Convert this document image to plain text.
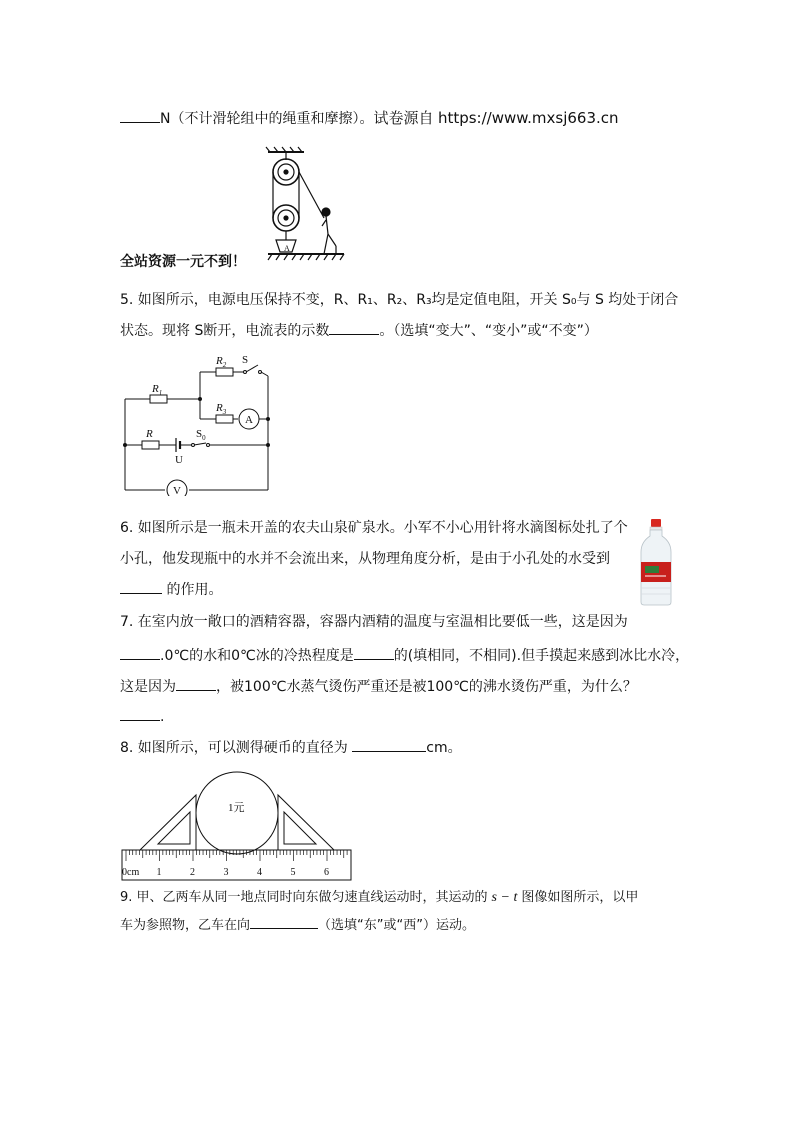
N（不计滑轮组中的绳重和摩擦）。试卷源自 https://www.mxsj663.cn
A
全站资源一元不到！
5. 如图所示，电源电压保持不变，R、R₁、R₂、R₃均是定值电阻，开关 S₀与 S 均处于闭合
状态。现将 S断开，电流表的示数	。（选填“变大”、“变小”或“不变”）
$R_1$
$R_2$ S
$R_3$
A
R	$S_0$
U
V
6. 如图所示是一瓶未开盖的农夫山泉矿泉水。小军不小心用针将水滴图标处扎了个
小孔，他发现瓶中的水并不会流出来，从物理角度分析，是由于小孔处的水受到
的作用。
7. 在室内放一敞口的酒精容器，容器内酒精的温度与室温相比要低一些，这是因为
.0℃的水和0℃冰的冷热程度是	的(填相同，不相同).但手摸起来感到冰比水冷，
这是因为	，被100℃水蒸气烫伤严重还是被100℃的沸水烫伤严重，为什么？
.
8. 如图所示，可以测得硬币的直径为	cm。
0cm 1	2	3	4	5	6
1元
9. 甲、乙两车从同一地点同时向东做匀速直线运动时，其运动的 s − t 图像如图所示，以甲
车为参照物，乙车在向	（选填“东”或“西”）运动。
